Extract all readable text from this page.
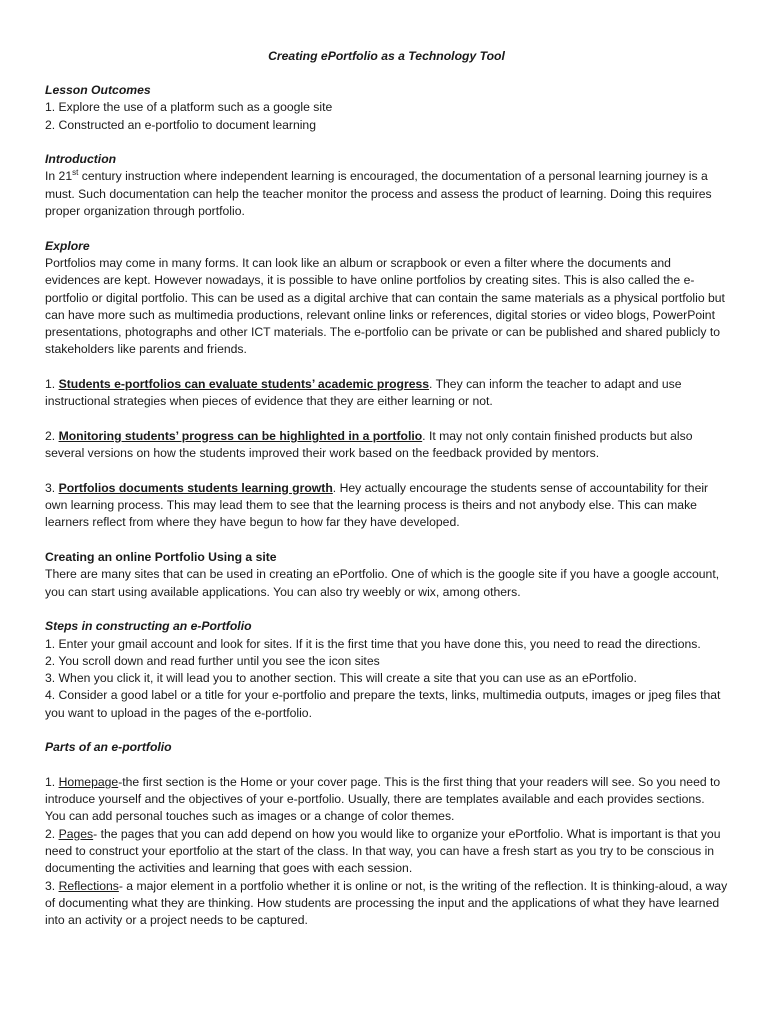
Creating ePortfolio as a Technology Tool

Lesson Outcomes

1. Explore the use of a platform such as a google site

2. Constructed an e-portfolio to document learning

Introduction

In 21st century instruction where independent learning is encouraged, the documentation of a personal learning journey is a must. Such documentation can help the teacher monitor the process and assess the product of learning. Doing this requires proper organization through portfolio.

Explore

Portfolios may come in many forms. It can look like an album or scrapbook or even a filter where the documents and evidences are kept. However nowadays, it is possible to have online portfolios by creating sites. This is also called the e-portfolio or digital portfolio. This can be used as a digital archive that can contain the same materials as a physical portfolio but can have more such as multimedia productions, relevant online links or references, digital stories or video blogs, PowerPoint presentations, photographs and other ICT materials. The e-portfolio can be private or can be published and shared publicly to stakeholders like parents and friends.

1. Students e-portfolios can evaluate students’ academic progress. They can inform the teacher to adapt and use instructional strategies when pieces of evidence that they are either learning or not.

2. Monitoring students’ progress can be highlighted in a portfolio. It may not only contain finished products but also several versions on how the students improved their work based on the feedback provided by mentors.

3. Portfolios documents students learning growth. Hey actually encourage the students sense of accountability for their own learning process. This may lead them to see that the learning process is theirs and not anybody else. This can make learners reflect from where they have begun to how far they have developed.

Creating an online Portfolio Using a site

There are many sites that can be used in creating an ePortfolio. One of which is the google site if you have a google account, you can start using available applications. You can also try weebly or wix, among others.

Steps in constructing an e-Portfolio

1. Enter your gmail account and look for sites. If it is the first time that you have done this, you need to read the directions.

2. You scroll down and read further until you see the icon sites

3. When you click it, it will lead you to another section. This will create a site that you can use as an ePortfolio.

4. Consider a good label or a title for your e-portfolio and prepare the texts, links, multimedia outputs, images or jpeg files that you want to upload in the pages of the e-portfolio.

Parts of an e-portfolio

1. Homepage-the first section is the Home or your cover page. This is the first thing that your readers will see. So you need to introduce yourself and the objectives of your e-portfolio. Usually, there are templates available and each provides sections. You can add personal touches such as images or a change of color themes.

2. Pages- the pages that you can add depend on how you would like to organize your ePortfolio. What is important is that you need to construct your eportfolio at the start of the class. In that way, you can have a fresh start as you try to be conscious in documenting the activities and learning that goes with each session.

3. Reflections- a major element in a portfolio whether it is online or not, is the writing of the reflection. It is thinking-aloud, a way of documenting what they are thinking. How students are processing the input and the applications of what they have learned into an activity or a project needs to be captured.
